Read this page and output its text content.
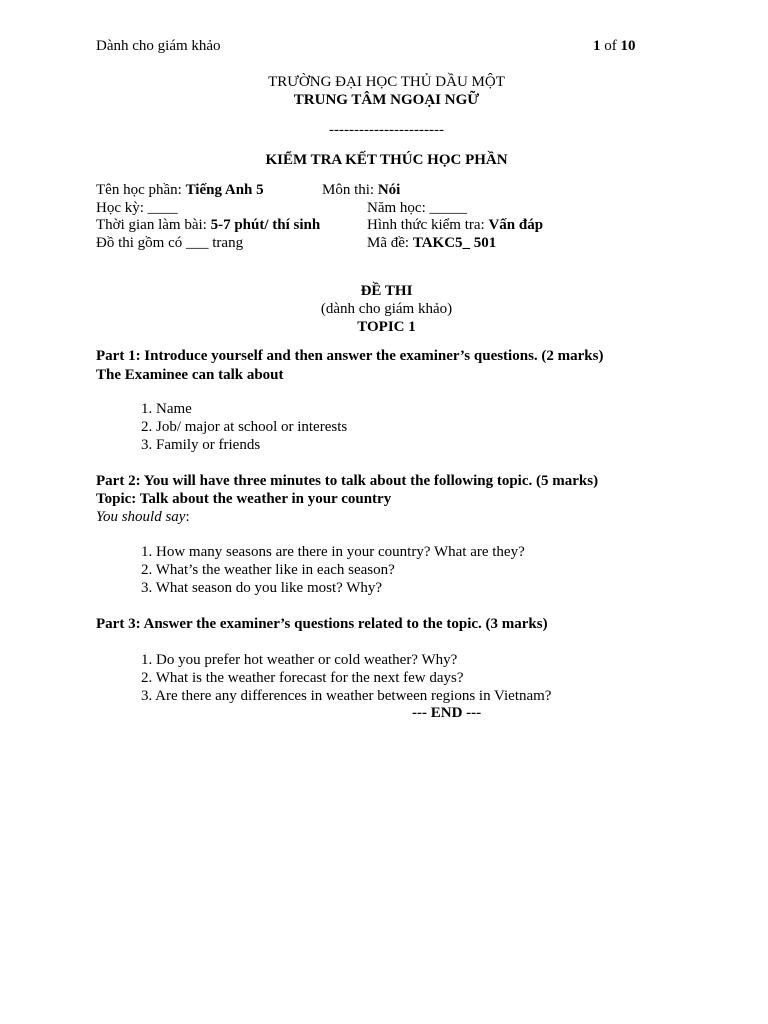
Dành cho giám khảo	1 of 10
TRƯỜNG ĐẠI HỌC THỦ DẦU MỘT
TRUNG TÂM NGOẠI NGỮ
-----------------------
KIỂM TRA KẾT THÚC HỌC PHẦN
Tên học phần: Tiếng Anh 5	Môn thi: Nói
Học kỳ: ____	Năm học: _____
Thời gian làm bài: 5-7 phút/ thí sinh	Hình thức kiểm tra: Vấn đáp
Đồ thi gồm có ___ trang	Mã đề: TAKC5_ 501
ĐỀ THI
(dành cho giám khảo)
TOPIC 1
Part 1: Introduce yourself and then answer the examiner’s questions. (2 marks)
The Examinee can talk about
1. Name
2. Job/ major at school or interests
3. Family or friends
Part 2: You will have three minutes to talk about the following topic. (5 marks)
Topic: Talk about the weather in your country
You should say:
1. How many seasons are there in your country? What are they?
2. What’s the weather like in each season?
3. What season do you like most? Why?
Part 3: Answer the examiner’s questions related to the topic. (3 marks)
1. Do you prefer hot weather or cold weather? Why?
2. What is the weather forecast for the next few days?
3. Are there any differences in weather between regions in Vietnam?
--- END ---
